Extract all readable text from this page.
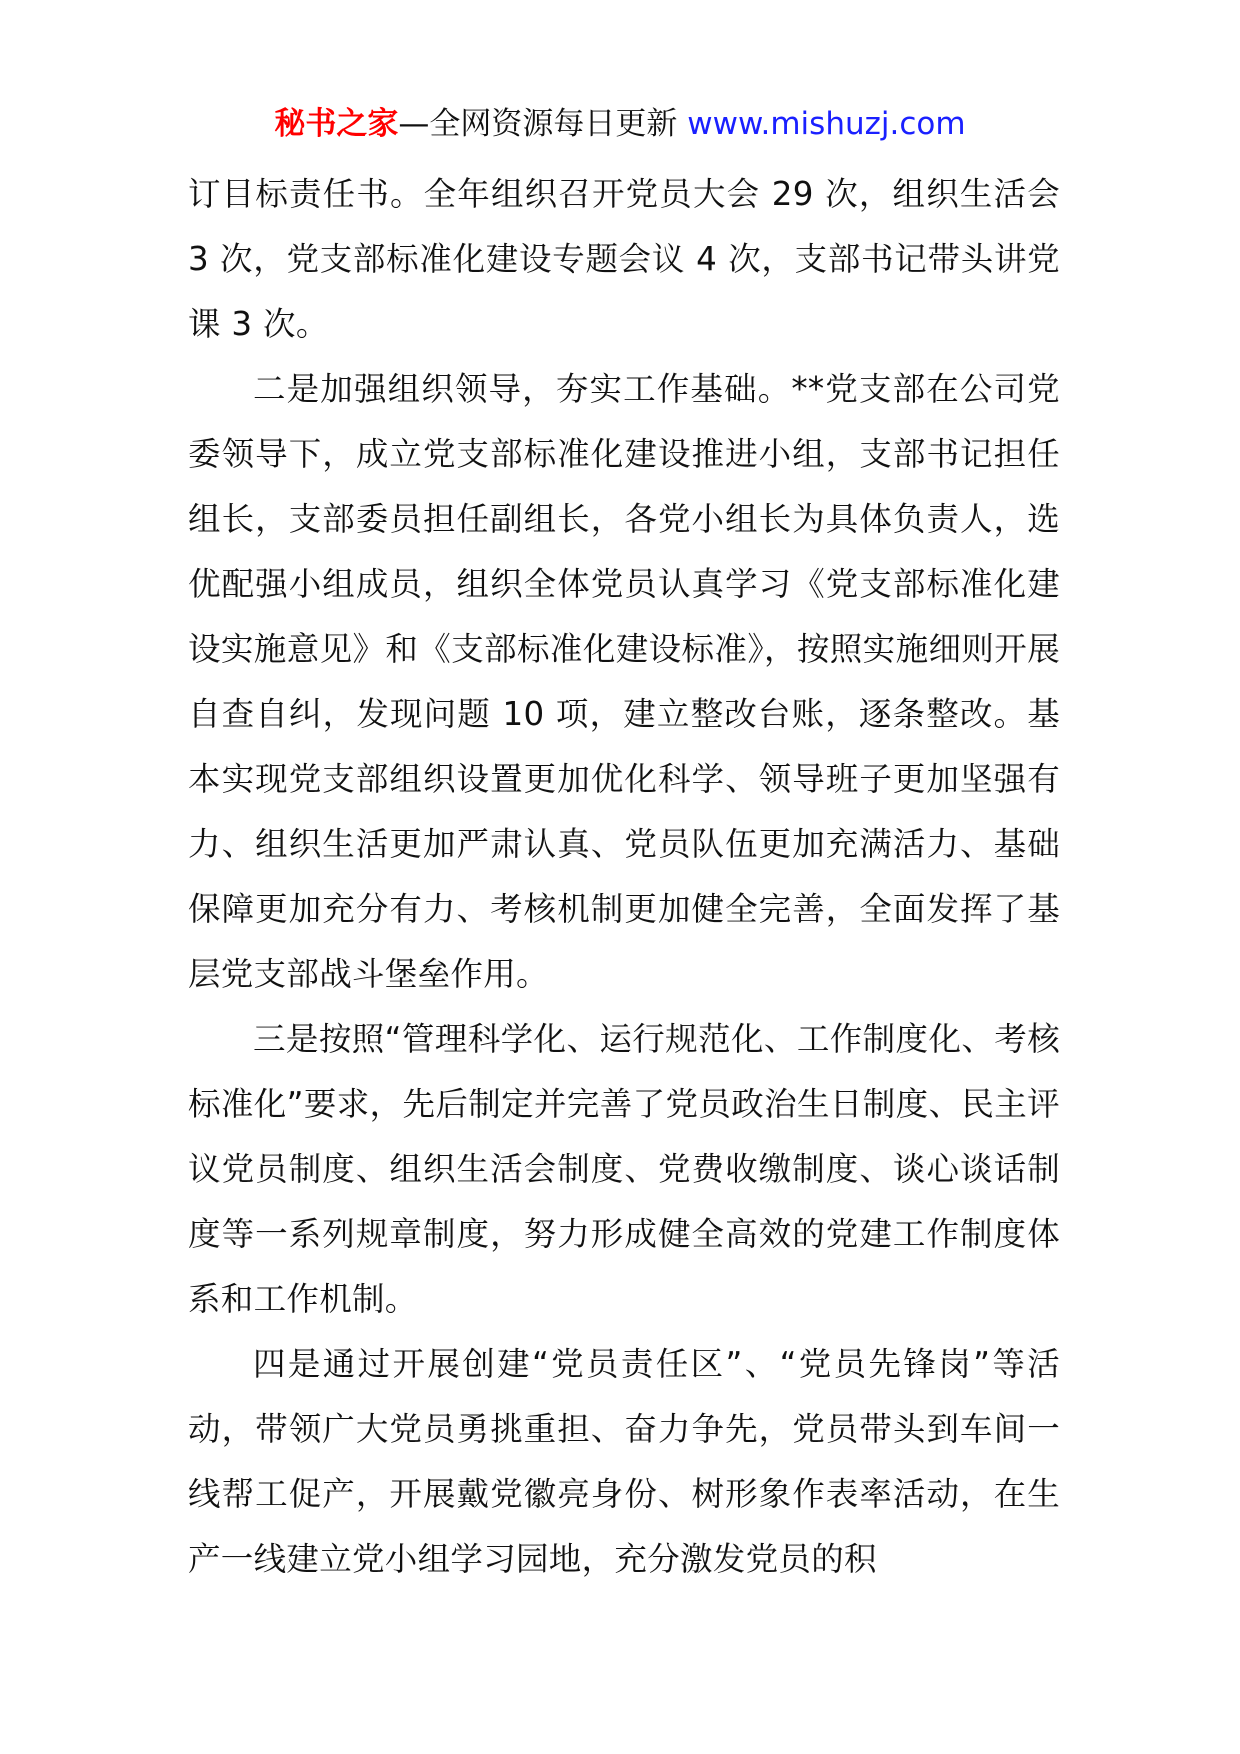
秘书之家—全网资源每日更新 www.mishuzj.com

订目标责任书。全年组织召开党员大会 29 次，组织生活会 3 次，党支部标准化建设专题会议 4 次，支部书记带头讲党课 3 次。

二是加强组织领导，夯实工作基础。**党支部在公司党委领导下，成立党支部标准化建设推进小组，支部书记担任组长，支部委员担任副组长，各党小组长为具体负责人，选优配强小组成员，组织全体党员认真学习《党支部标准化建设实施意见》和《支部标准化建设标准》，按照实施细则开展自查自纠，发现问题 10 项，建立整改台账，逐条整改。基本实现党支部组织设置更加优化科学、领导班子更加坚强有力、组织生活更加严肃认真、党员队伍更加充满活力、基础保障更加充分有力、考核机制更加健全完善，全面发挥了基层党支部战斗堡垒作用。

三是按照“管理科学化、运行规范化、工作制度化、考核标准化”要求，先后制定并完善了党员政治生日制度、民主评议党员制度、组织生活会制度、党费收缴制度、谈心谈话制度等一系列规章制度，努力形成健全高效的党建工作制度体系和工作机制。

四是通过开展创建“党员责任区”、“党员先锋岗”等活动，带领广大党员勇挑重担、奋力争先，党员带头到车间一线帮工促产，开展戴党徽亮身份、树形象作表率活动，在生产一线建立党小组学习园地，充分激发党员的积
